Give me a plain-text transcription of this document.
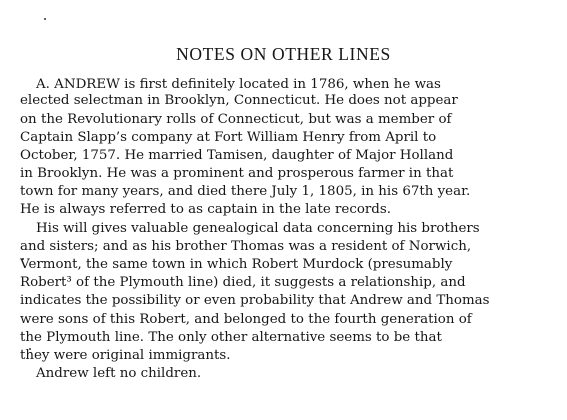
NOTES ON OTHER LINES
A. ANDREW is first definitely located in 1786, when he was
elected selectman in Brooklyn, Connecticut. He does not appear
on the Revolutionary rolls of Connecticut, but was a member of
Captain Slapp’s company at Fort William Henry from April to
October, 1757. He married Tamisen, daughter of Major Holland
in Brooklyn. He was a prominent and prosperous farmer in that
town for many years, and died there July 1, 1805, in his 67th year.
He is always referred to as captain in the late records.
His will gives valuable genealogical data concerning his brothers
and sisters; and as his brother Thomas was a resident of Norwich,
Vermont, the same town in which Robert Murdock (presumably
Robert³ of the Plymouth line) died, it suggests a relationship, and
indicates the possibility or even probability that Andrew and Thomas
were sons of this Robert, and belonged to the fourth generation of
the Plymouth line. The only other alternative seems to be that
they were original immigrants.
Andrew left no children.
